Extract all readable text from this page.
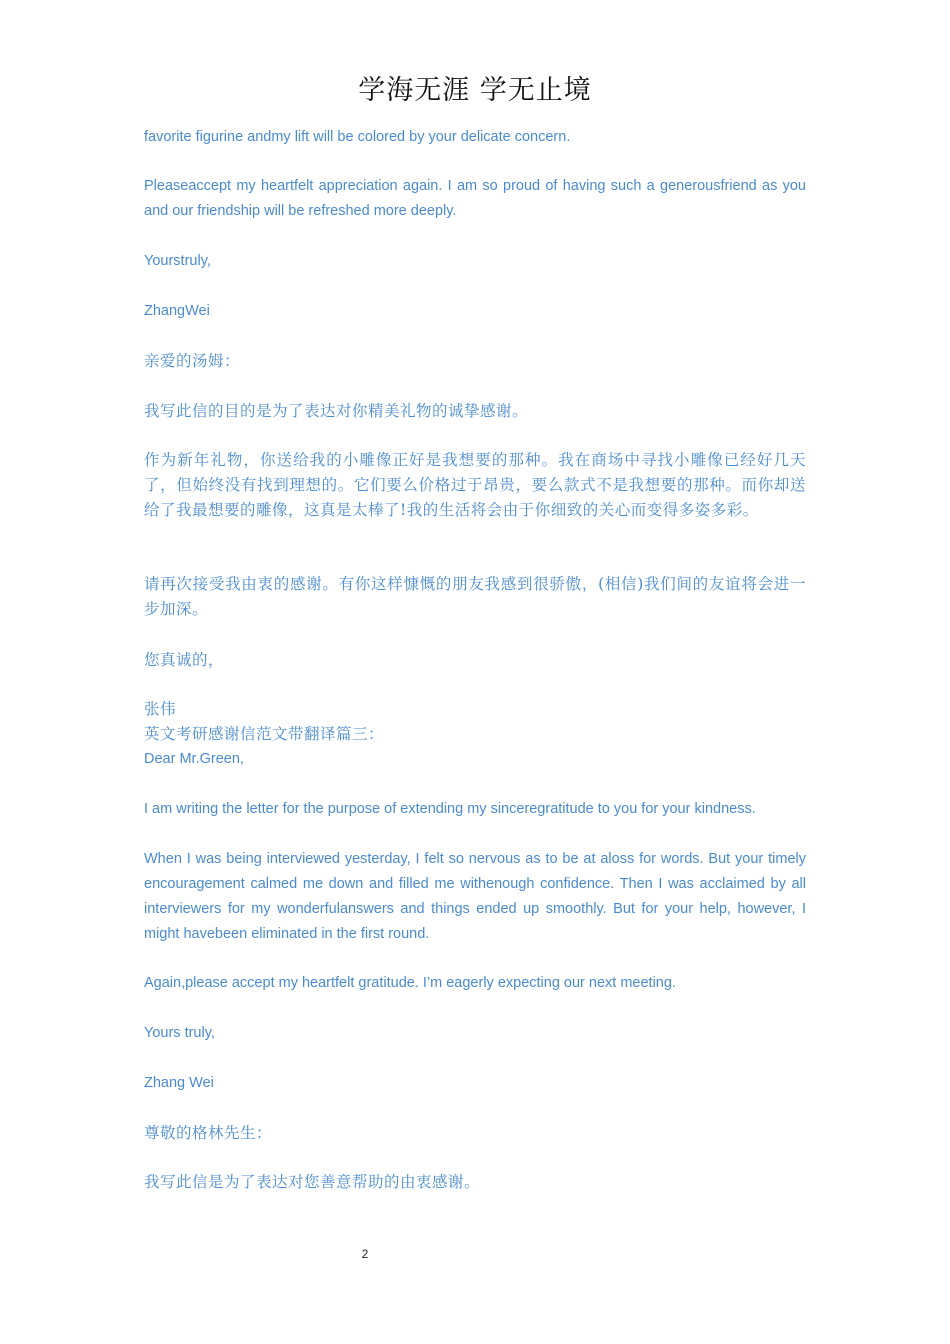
学海无涯 学无止境

favorite figurine andmy lift will be colored by your delicate concern.

Pleaseaccept my heartfelt appreciation again. I am so proud of having such a generousfriend as you and our friendship will be refreshed more deeply.

Yourstruly,

ZhangWei

亲爱的汤姆：

我写此信的目的是为了表达对你精美礼物的诚挚感谢。

作为新年礼物，你送给我的小雕像正好是我想要的那种。我在商场中寻找小雕像已经好几天了，但始终没有找到理想的。它们要么价格过于昂贵，要么款式不是我想要的那种。而你却送给了我最想要的雕像，这真是太棒了!我的生活将会由于你细致的关心而变得多姿多彩。

请再次接受我由衷的感谢。有你这样慷慨的朋友我感到很骄傲，(相信)我们间的友谊将会进一步加深。

您真诚的，

张伟

英文考研感谢信范文带翻译篇三：

Dear Mr.Green,

I am writing the letter for the purpose of extending my sinceregratitude to you for your kindness.

When I was being interviewed yesterday, I felt so nervous as to be at aloss for words. But your timely encouragement calmed me down and filled me withenough confidence. Then I was acclaimed by all interviewers for my wonderfulanswers and things ended up smoothly. But for your help, however, I might havebeen eliminated in the first round.

Again,please accept my heartfelt gratitude. I’m eagerly expecting our next meeting.

Yours truly,

Zhang Wei

尊敬的格林先生：

我写此信是为了表达对您善意帮助的由衷感谢。

2
